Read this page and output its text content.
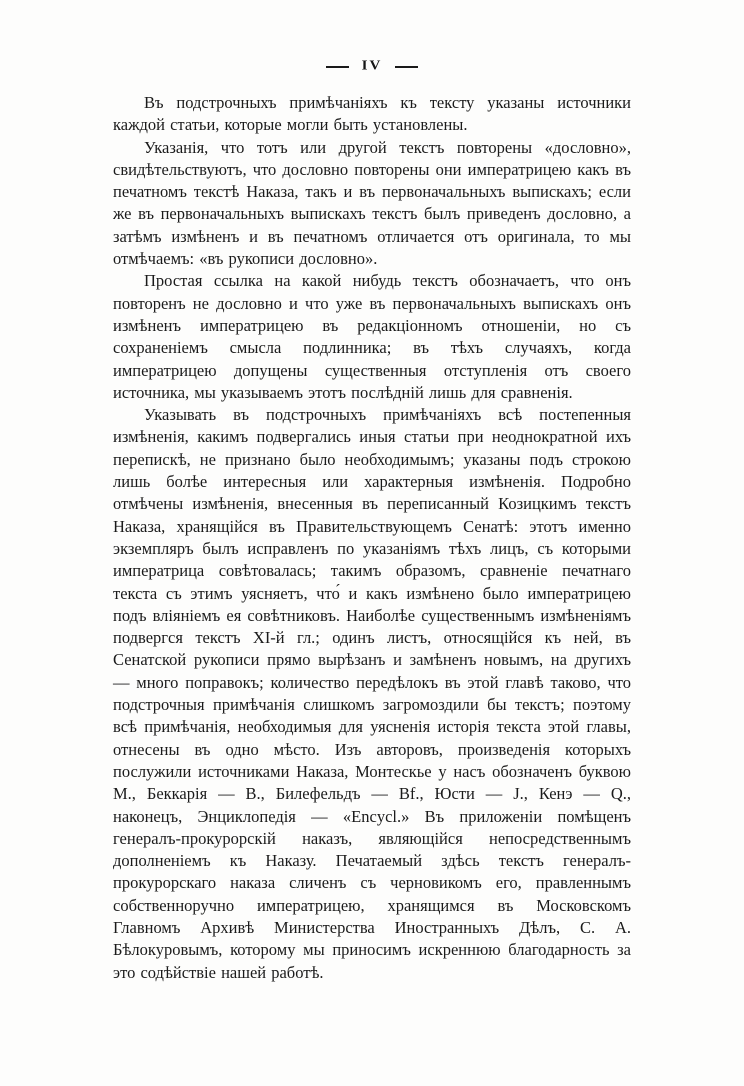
IV

Въ подстрочныхъ примѣчаніяхъ къ тексту указаны источники каждой статьи, которые могли быть установлены.

Указанія, что тотъ или другой текстъ повторены «дословно», свидѣтельствуютъ, что дословно повторены они императрицею какъ въ печатномъ текстѣ Наказа, такъ и въ первоначальныхъ выпискахъ; если же въ первоначальныхъ выпискахъ текстъ былъ приведенъ дословно, а затѣмъ измѣненъ и въ печатномъ отличается отъ оригинала, то мы отмѣчаемъ: «въ рукописи дословно».

Простая ссылка на какой нибудь текстъ обозначаетъ, что онъ повторенъ не дословно и что уже въ первоначальныхъ выпискахъ онъ измѣненъ императрицею въ редакціонномъ отношеніи, но съ сохраненіемъ смысла подлинника; въ тѣхъ случаяхъ, когда императрицею допущены существенныя отступленія отъ своего источника, мы указываемъ этотъ послѣдній лишь для сравненія.

Указывать въ подстрочныхъ примѣчаніяхъ всѣ постепенныя измѣненія, какимъ подвергались иныя статьи при неоднократной ихъ перепискѣ, не признано было необходимымъ; указаны подъ строкою лишь болѣе интересныя или характерныя измѣненія. Подробно отмѣчены измѣненія, внесенныя въ переписанный Козицкимъ текстъ Наказа, хранящійся въ Правительствующемъ Сенатѣ: этотъ именно экземпляръ былъ исправленъ по указаніямъ тѣхъ лицъ, съ которыми императрица совѣтовалась; такимъ образомъ, сравненіе печатнаго текста съ этимъ уясняетъ, что́ и какъ измѣнено было императрицею подъ вліяніемъ ея совѣтниковъ. Наиболѣе существеннымъ измѣненіямъ подвергся текстъ XI-й гл.; одинъ листъ, относящійся къ ней, въ Сенатской рукописи прямо вырѣзанъ и замѣненъ новымъ, на другихъ — много поправокъ; количество передѣлокъ въ этой главѣ таково, что подстрочныя примѣчанія слишкомъ загромоздили бы текстъ; поэтому всѣ примѣчанія, необходимыя для уясненія исторія текста этой главы, отнесены въ одно мѣсто. Изъ авторовъ, произведенія которыхъ послужили источниками Наказа, Монтескье у насъ обозначенъ буквою М., Беккарія — B., Билефельдъ — Bf., Юсти — J., Кенэ — Q., наконецъ, Энциклопедія — «Encycl.» Въ приложеніи помѣщенъ генералъ-прокурорскій наказъ, являющійся непосредственнымъ дополненіемъ къ Наказу. Печатаемый здѣсь текстъ генералъ-прокурорскаго наказа сличенъ съ черновикомъ его, правленнымъ собственноручно императрицею, хранящимся въ Московскомъ Главномъ Архивѣ Министерства Иностранныхъ Дѣлъ, С. А. Бѣлокуровымъ, которому мы приносимъ искреннюю благодарность за это содѣйствіе нашей работѣ.
